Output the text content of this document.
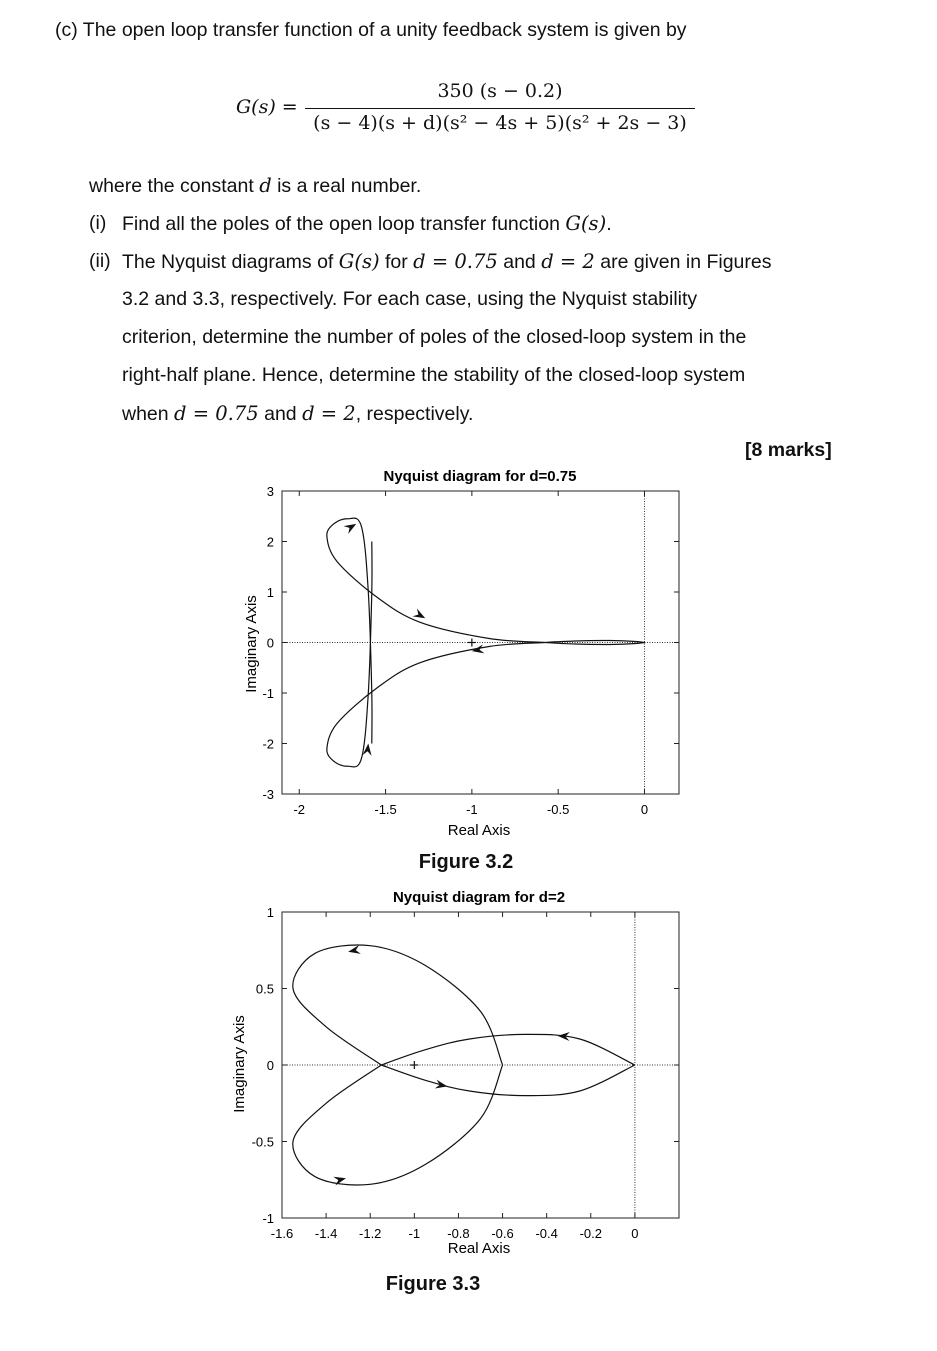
(c) The open loop transfer function of a unity feedback system is given by
G(s) =
350 (s − 0.2)
(s − 4)(s + d)(s² − 4s + 5)(s² + 2s − 3)
where the constant d is a real number.
(i) Find all the poles of the open loop transfer function G(s).
(ii) The Nyquist diagrams of G(s) for d = 0.75 and d = 2 are given in Figures
3.2 and 3.3, respectively. For each case, using the Nyquist stability
criterion, determine the number of poles of the closed-loop system in the
right-half plane. Hence, determine the stability of the closed-loop system
when d = 0.75 and d = 2, respectively.
[8 marks]
Nyquist diagram for d=0.75
-2	-1.5	-1	-0.5	0
3
2
1
0
-1
-2
-3
Real Axis
Imaginary Axis
Figure 3.2
Nyquist diagram for d=2
-1.6 -1.4 -1.2 -1 -0.8 -0.6 -0.4 -0.2 0
1
0.5
0
-0.5
-1
Real Axis
Imaginary Axis
Figure 3.3
